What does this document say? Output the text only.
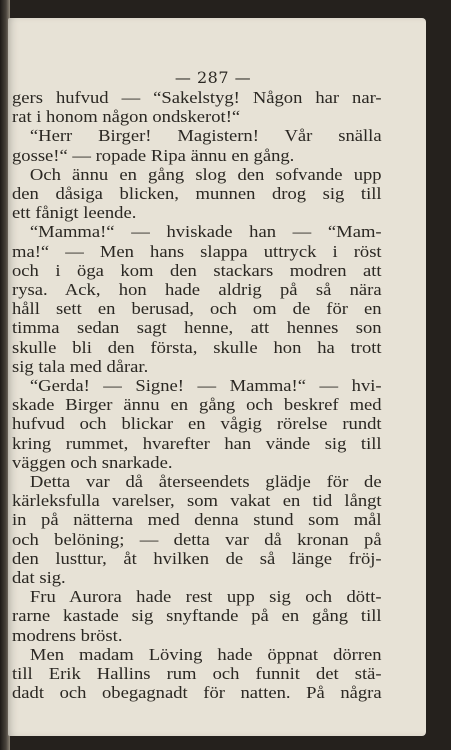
— 287 —
gers hufvud — “Sakelstyg! Någon har nar-
rat i honom någon ondskerot!“
“Herr Birger! Magistern! Vår snälla
gosse!“ — ropade Ripa ännu en gång.
Och ännu en gång slog den sofvande upp
den dåsiga blicken, munnen drog sig till
ett fånigt leende.
“Mamma!“ — hviskade han — “Mam-
ma!“ — Men hans slappa uttryck i röst
och i öga kom den stackars modren att
rysa. Ack, hon hade aldrig på så nära
håll sett en berusad, och om de för en
timma sedan sagt henne, att hennes son
skulle bli den första, skulle hon ha trott
sig tala med dårar.
“Gerda! — Signe! — Mamma!“ — hvi-
skade Birger ännu en gång och beskref med
hufvud och blickar en vågig rörelse rundt
kring rummet, hvarefter han vände sig till
väggen och snarkade.
Detta var då återseendets glädje för de
kärleksfulla varelser, som vakat en tid långt
in på nätterna med denna stund som mål
och belöning; — detta var då kronan på
den lusttur, åt hvilken de så länge fröj-
dat sig.
Fru Aurora hade rest upp sig och dött-
rarne kastade sig snyftande på en gång till
modrens bröst.
Men madam Löving hade öppnat dörren
till Erik Hallins rum och funnit det stä-
dadt och obegagnadt för natten. På några
